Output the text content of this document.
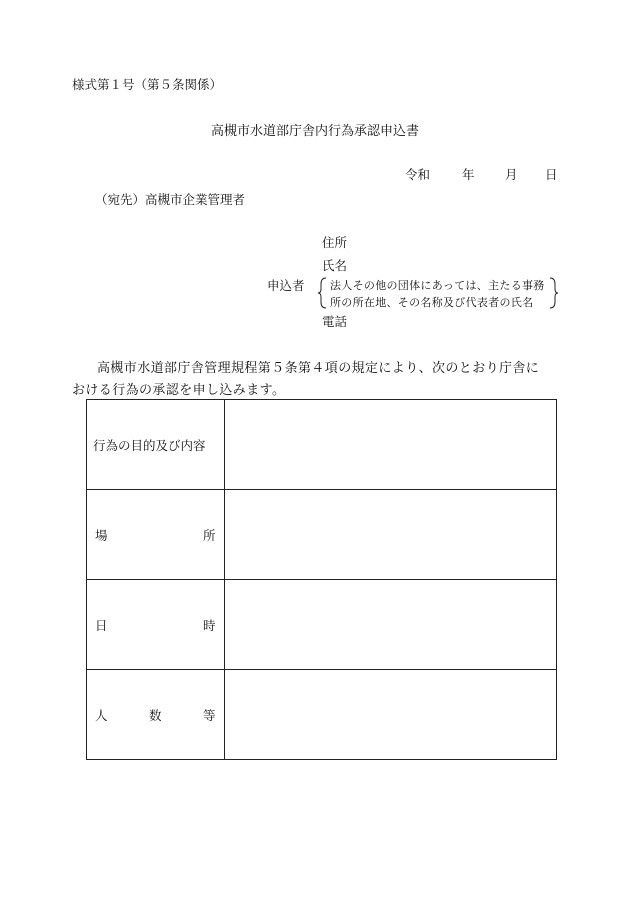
様式第１号（第５条関係）
高槻市水道部庁舎内行為承認申込書
令和	年 月 日
（宛先）高槻市企業管理者
住所
氏名
申込者 法人その他の団体にあっては、主たる事務
所の所在地、その名称及び代表者の氏名
電話
高槻市水道部庁舎管理規程第５条第４項の規定により、次のとおり庁舎に
おける行為の承認を申し込みます。
行為の目的及び内容	

場 所	

日 時	

人 数 等	
